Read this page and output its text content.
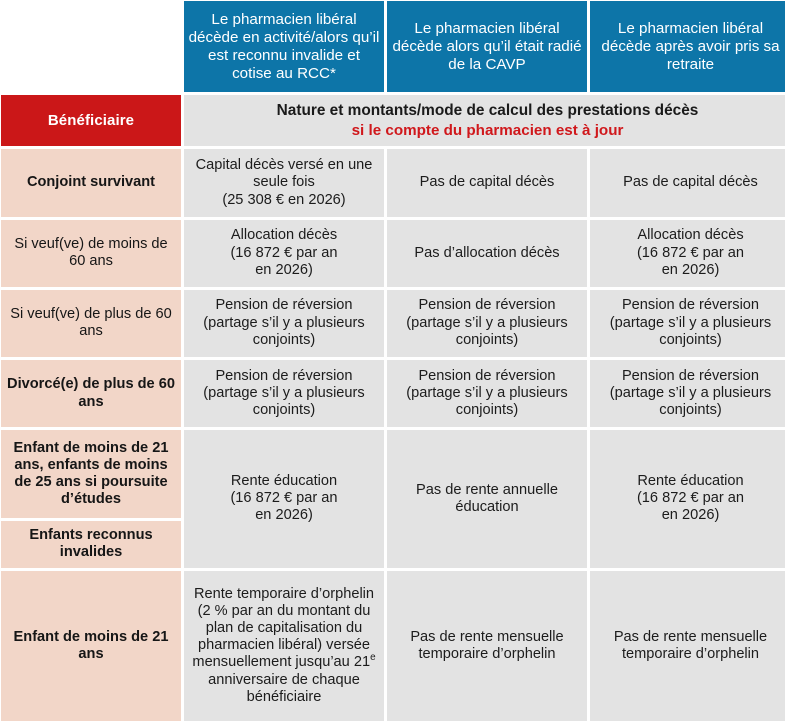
	Le pharmacien libéral décède en activité/alors qu’il est reconnu invalide et cotise au RCC*	Le pharmacien libéral décède alors qu’il était radié de la CAVP	Le pharmacien libéral décède après avoir pris sa retraite
Bénéficiaire	Nature et montants/mode de calcul des prestations décès
si le compte du pharmacien est à jour		

Conjoint survivant	Capital décès versé en une seule fois
(25 308 € en 2026)	Pas de capital décès	Pas de capital décès
Si veuf(ve) de moins de 60 ans	Allocation décès
(16 872 € par an
en 2026)	Pas d’allocation décès	Allocation décès
(16 872 € par an
en 2026)
Si veuf(ve) de plus de 60 ans	Pension de réversion
(partage s’il y a plusieurs conjoints)	Pension de réversion
(partage s’il y a plusieurs conjoints)	Pension de réversion
(partage s’il y a plusieurs conjoints)
Divorcé(e) de plus de 60 ans	Pension de réversion
(partage s’il y a plusieurs conjoints)	Pension de réversion
(partage s’il y a plusieurs conjoints)	Pension de réversion
(partage s’il y a plusieurs conjoints)
Enfant de moins de 21 ans, enfants de moins de 25 ans si poursuite d’études	Rente éducation
(16 872 € par an
en 2026)	Pas de rente annuelle éducation	Rente éducation
(16 872 € par an
en 2026)
Enfants reconnus invalides			
Enfant de moins de 21 ans	Rente temporaire d’orphelin (2 % par an du montant du plan de capitalisation du pharmacien libéral) versée mensuellement jusqu’au 21e anniversaire de chaque bénéficiaire	Pas de rente mensuelle temporaire d’orphelin	Pas de rente mensuelle temporaire d’orphelin
